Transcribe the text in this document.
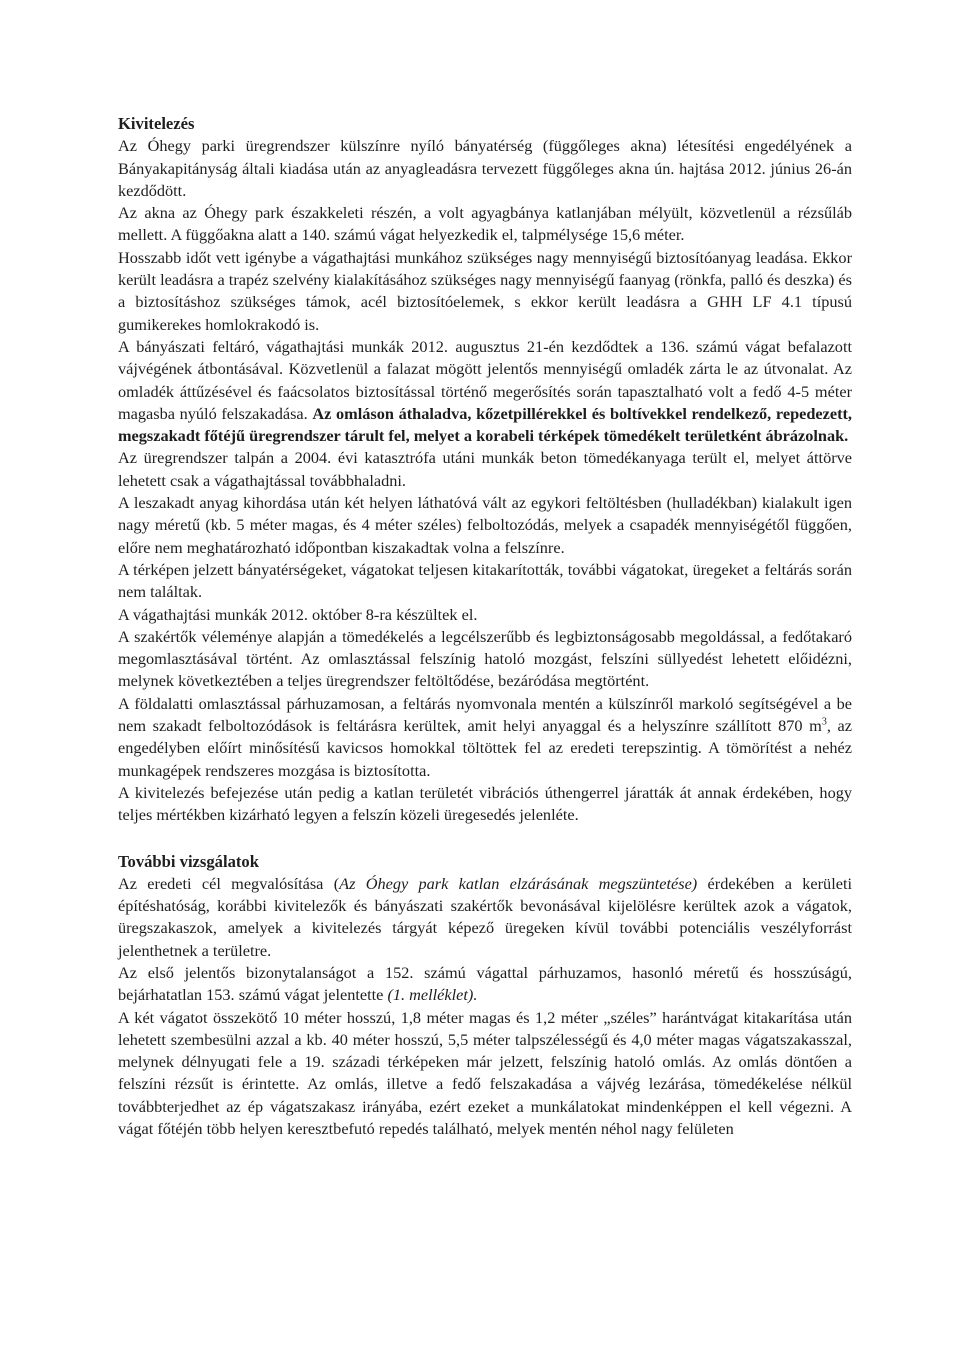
Kivitelezés

Az Óhegy parki üregrendszer külszínre nyíló bányatérség (függőleges akna) létesítési engedélyének a Bányakapitányság általi kiadása után az anyagleadásra tervezett függőleges akna ún. hajtása 2012. június 26-án kezdődött.

Az akna az Óhegy park északkeleti részén, a volt agyagbánya katlanjában mélyült, közvetlenül a rézsűláb mellett. A függőakna alatt a 140. számú vágat helyezkedik el, talpmélysége 15,6 méter.

Hosszabb időt vett igénybe a vágathajtási munkához szükséges nagy mennyiségű biztosítóanyag leadása. Ekkor került leadásra a trapéz szelvény kialakításához szükséges nagy mennyiségű faanyag (rönkfa, palló és deszka) és a biztosításhoz szükséges támok, acél biztosítóelemek, s ekkor került leadásra a GHH LF 4.1 típusú gumikerekes homlokrakodó is.

A bányászati feltáró, vágathajtási munkák 2012. augusztus 21-én kezdődtek a 136. számú vágat befalazott vájvégének átbontásával. Közvetlenül a falazat mögött jelentős mennyiségű omladék zárta le az útvonalat. Az omladék áttűzésével és faácsolatos biztosítással történő megerősítés során tapasztalható volt a fedő 4-5 méter magasba nyúló felszakadása. Az omláson áthaladva, kőzetpillérekkel és boltívekkel rendelkező, repedezett, megszakadt főtéjű üregrendszer tárult fel, melyet a korabeli térképek tömedékelt területként ábrázolnak.

Az üregrendszer talpán a 2004. évi katasztrófa utáni munkák beton tömedékanyaga terült el, melyet áttörve lehetett csak a vágathajtással továbbhaladni.

A leszakadt anyag kihordása után két helyen láthatóvá vált az egykori feltöltésben (hulladékban) kialakult igen nagy méretű (kb. 5 méter magas, és 4 méter széles) felboltozódás, melyek a csapadék mennyiségétől függően, előre nem meghatározható időpontban kiszakadtak volna a felszínre.

A térképen jelzett bányatérségeket, vágatokat teljesen kitakarították, további vágatokat, üregeket a feltárás során nem találtak.

A vágathajtási munkák 2012. október 8-ra készültek el.

A szakértők véleménye alapján a tömedékelés a legcélszerűbb és legbiztonságosabb megoldással, a fedőtakaró megomlasztásával történt. Az omlasztással felszínig hatoló mozgást, felszíni süllyedést lehetett előidézni, melynek következtében a teljes üregrendszer feltöltődése, bezáródása megtörtént.

A földalatti omlasztással párhuzamosan, a feltárás nyomvonala mentén a külszínről markoló segítségével a be nem szakadt felboltozódások is feltárásra kerültek, amit helyi anyaggal és a helyszínre szállított 870 $m^3$, az engedélyben előírt minősítésű kavicsos homokkal töltöttek fel az eredeti terepszintig. A tömörítést a nehéz munkagépek rendszeres mozgása is biztosította.

A kivitelezés befejezése után pedig a katlan területét vibrációs úthengerrel járatták át annak érdekében, hogy teljes mértékben kizárható legyen a felszín közeli üregesedés jelenléte.

További vizsgálatok

Az eredeti cél megvalósítása (Az Óhegy park katlan elzárásának megszüntetése) érdekében a kerületi építéshatóság, korábbi kivitelezők és bányászati szakértők bevonásával kijelölésre kerültek azok a vágatok, üregszakaszok, amelyek a kivitelezés tárgyát képező üregeken kívül további potenciális veszélyforrást jelenthetnek a területre.

Az első jelentős bizonytalanságot a 152. számú vágattal párhuzamos, hasonló méretű és hosszúságú, bejárhatatlan 153. számú vágat jelentette (1. melléklet).

A két vágatot összekötő 10 méter hosszú, 1,8 méter magas és 1,2 méter „széles” harántvágat kitakarítása után lehetett szembesülni azzal a kb. 40 méter hosszú, 5,5 méter talpszélességű és 4,0 méter magas vágatszakasszal, melynek délnyugati fele a 19. századi térképeken már jelzett, felszínig hatoló omlás. Az omlás döntően a felszíni rézsűt is érintette. Az omlás, illetve a fedő felszakadása a vájvég lezárása, tömedékelése nélkül továbbterjedhet az ép vágatszakasz irányába, ezért ezeket a munkálatokat mindenképpen el kell végezni. A vágat főtéjén több helyen keresztbefutó repedés található, melyek mentén néhol nagy felületen
